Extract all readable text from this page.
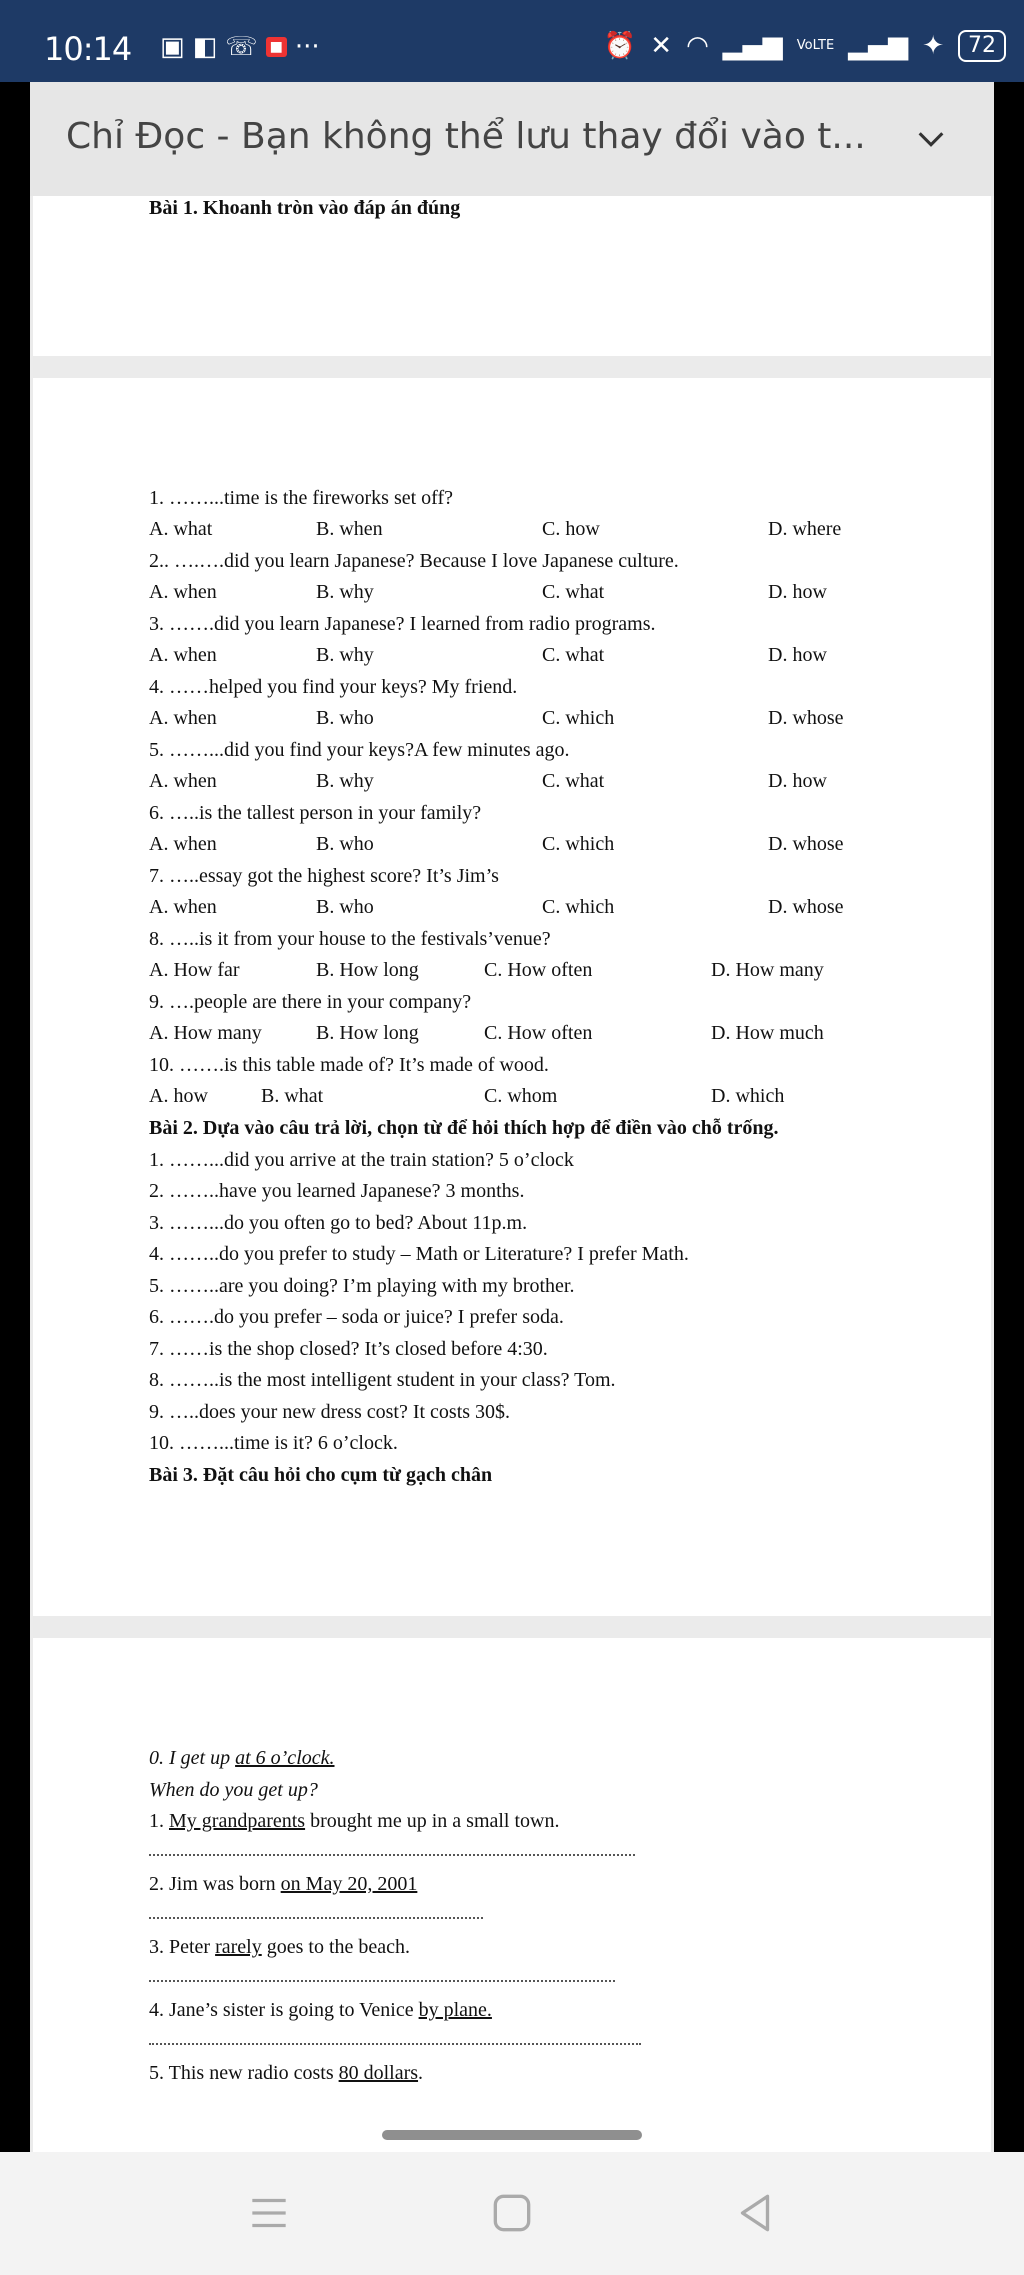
10:14 ▣ ◧ ☏ ■ ···	⏰ ✕ ◠ ▂▄▆ VoLTE ▂▄▆ ✦	72
Chỉ Đọc - Bạn không thể lưu thay đổi vào t...
Bài 1. Khoanh tròn vào đáp án đúng
1. ……...time is the fireworks set off?
A. what	B. when	C. how	D. where
2.. ….….did you learn Japanese? Because I love Japanese culture.
A. when	B. why	C. what	D. how
3. …….did you learn Japanese? I learned from radio programs.
A. when	B. why	C. what	D. how
4. ……helped you find your keys? My friend.
A. when	B. who	C. which	D. whose
5. ……...did you find your keys?A few minutes ago.
A. when	B. why	C. what	D. how
6. …..is the tallest person in your family?
A. when	B. who	C. which	D. whose
7. …..essay got the highest score? It’s Jim’s
A. when	B. who	C. which	D. whose
8. …..is it from your house to the festivals’venue?
A. How far	B. How long	C. How often	D. How many
9. ….people are there in your company?
A. How many	B. How long	C. How often	D. How much
10. …….is this table made of? It’s made of wood.
A. how	B. what	C. whom	D. which
Bài 2. Dựa vào câu trả lời, chọn từ để hỏi thích hợp để điền vào chỗ trống.
1. ……...did you arrive at the train station? 5 o’clock
2. ……..have you learned Japanese? 3 months.
3. ……...do you often go to bed? About 11p.m.
4. ……..do you prefer to study – Math or Literature? I prefer Math.
5. ……..are you doing? I’m playing with my brother.
6. …….do you prefer – soda or juice? I prefer soda.
7. ……is the shop closed? It’s closed before 4:30.
8. ……..is the most intelligent student in your class? Tom.
9. …..does your new dress cost? It costs 30$.
10. ……...time is it? 6 o’clock.
Bài 3. Đặt câu hỏi cho cụm từ gạch chân
0. I get up at 6 o’clock.
When do you get up?
1. My grandparents brought me up in a small town.
2. Jim was born on May 20, 2001
3. Peter rarely goes to the beach.
4. Jane’s sister is going to Venice by plane.
5. This new radio costs 80 dollars.
